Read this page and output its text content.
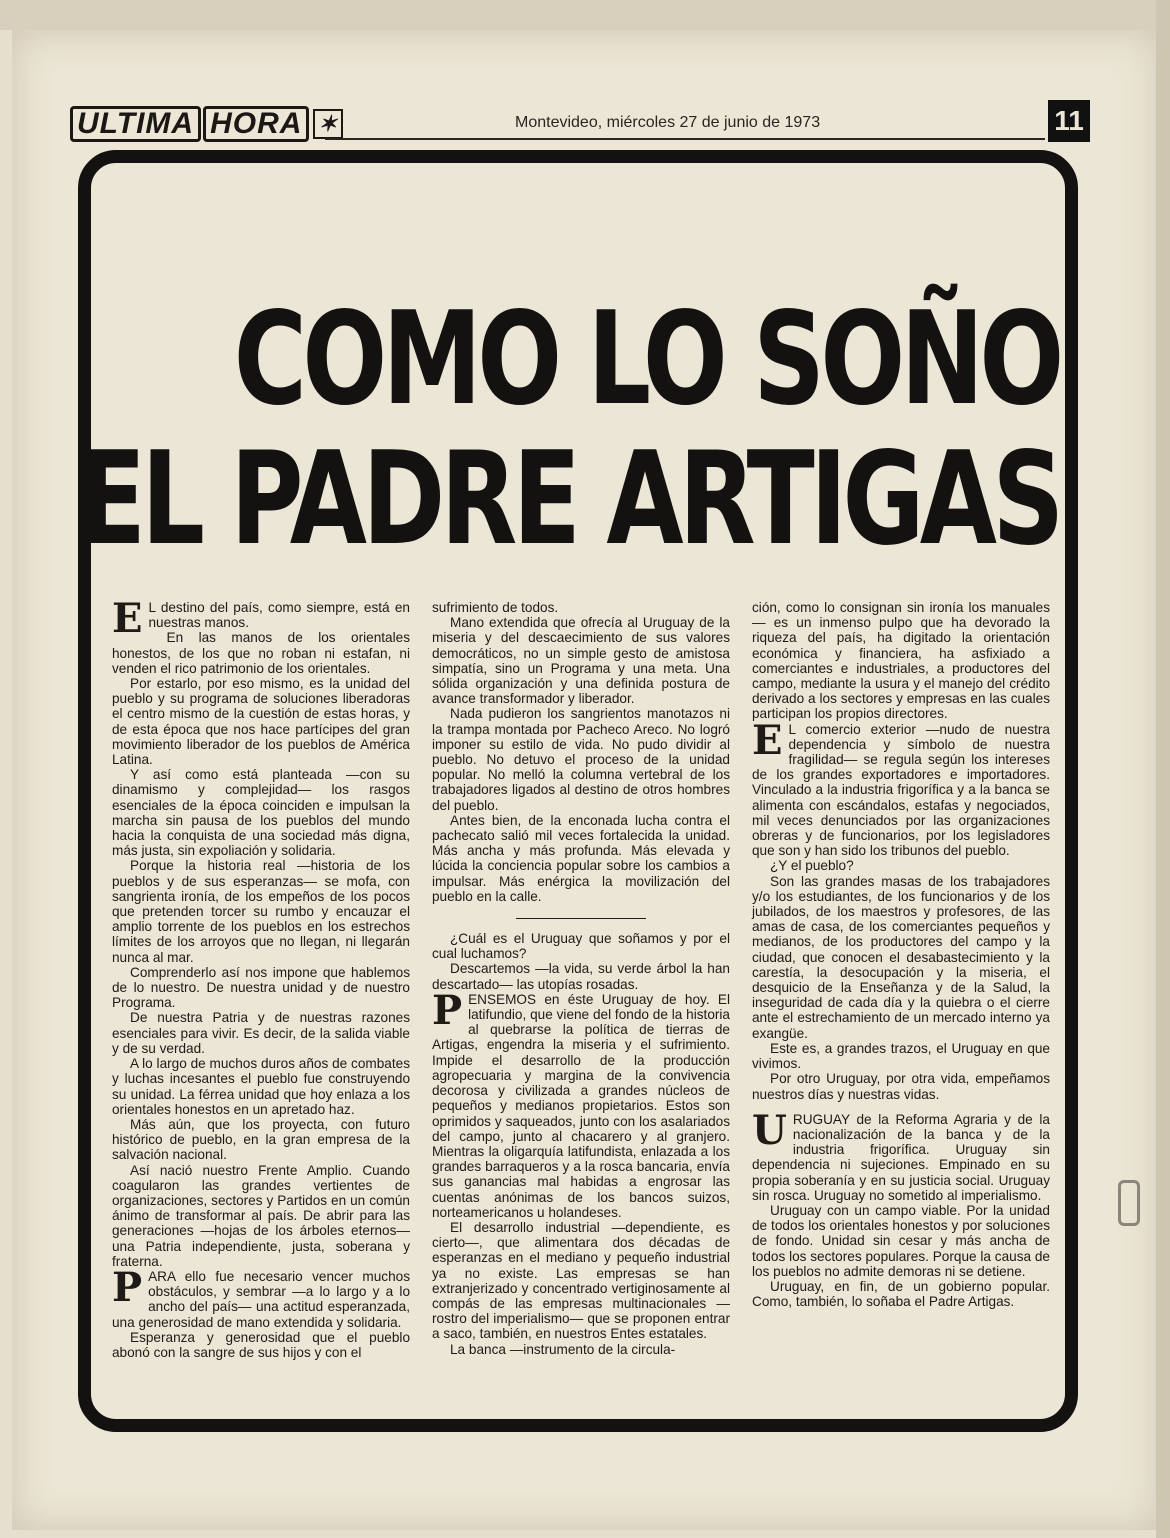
ULTIMA HORA ✶	Montevideo, miércoles 27 de junio de 1973	11
COMO LO SOÑO
EL PADRE ARTIGAS

E L destino del país, como siempre, está en nuestras manos.

En las manos de los orientales honestos, de los que no roban ni estafan, ni venden el rico patrimonio de los orientales.

Por estarlo, por eso mismo, es la unidad del pueblo y su programa de soluciones liberadoras el centro mismo de la cuestión de estas horas, y de esta época que nos hace partícipes del gran movimiento liberador de los pueblos de América Latina.

Y así como está planteada —con su dinamismo y complejidad— los rasgos esenciales de la época coinciden e impulsan la marcha sin pausa de los pueblos del mundo hacia la conquista de una sociedad más digna, más justa, sin expoliación y solidaria.

Porque la historia real —historia de los pueblos y de sus esperanzas— se mofa, con sangrienta ironía, de los empeños de los pocos que pretenden torcer su rumbo y encauzar el amplio torrente de los pueblos en los estrechos límites de los arroyos que no llegan, ni llegarán nunca al mar.

Comprenderlo así nos impone que hablemos de lo nuestro. De nuestra unidad y de nuestro Programa.

De nuestra Patria y de nuestras razones esenciales para vivir. Es decir, de la salida viable y de su verdad.

A lo largo de muchos duros años de combates y luchas incesantes el pueblo fue construyendo su unidad. La férrea unidad que hoy enlaza a los orientales honestos en un apretado haz.

Más aún, que los proyecta, con futuro histórico de pueblo, en la gran empresa de la salvación nacional.

Así nació nuestro Frente Amplio. Cuando coagularon las grandes vertientes de organizaciones, sectores y Partidos en un común ánimo de transformar al país. De abrir para las generaciones —hojas de los árboles eternos— una Patria independiente, justa, soberana y fraterna.

PARA ello fue necesario vencer muchos obstáculos, y sembrar —a lo largo y a lo ancho del país— una actitud esperanzada, una generosidad de mano extendida y solidaria.

Esperanza y generosidad que el pueblo abonó con la sangre de sus hijos y con el

sufrimiento de todos.

Mano extendida que ofrecía al Uruguay de la miseria y del descaecimiento de sus valores democráticos, no un simple gesto de amistosa simpatía, sino un Programa y una meta. Una sólida organización y una definida postura de avance transformador y liberador.

Nada pudieron los sangrientos manotazos ni la trampa montada por Pacheco Areco. No logró imponer su estilo de vida. No pudo dividir al pueblo. No detuvo el proceso de la unidad popular. No melló la columna vertebral de los trabajadores ligados al destino de otros hombres del pueblo.

Antes bien, de la enconada lucha contra el pachecato salió mil veces fortalecida la unidad. Más ancha y más profunda. Más elevada y lúcida la conciencia popular sobre los cambios a impulsar. Más enérgica la movilización del pueblo en la calle.

¿Cuál es el Uruguay que soñamos y por el cual luchamos?

Descartemos —la vida, su verde árbol la han descartado— las utopías rosadas.

PENSEMOS en éste Uruguay de hoy. El latifundio, que viene del fondo de la historia al quebrarse la política de tierras de Artigas, engendra la miseria y el sufrimiento. Impide el desarrollo de la producción agropecuaria y margina de la convivencia decorosa y civilizada a grandes núcleos de pequeños y medianos propietarios. Estos son oprimidos y saqueados, junto con los asalariados del campo, junto al chacarero y al granjero. Mientras la oligarquía latifundista, enlazada a los grandes barraqueros y a la rosca bancaria, envía sus ganancias mal habidas a engrosar las cuentas anónimas de los bancos suizos, norteamericanos u holandeses.

El desarrollo industrial —dependiente, es cierto—, que alimentara dos décadas de esperanzas en el mediano y pequeño industrial ya no existe. Las empresas se han extranjerizado y concentrado vertiginosamente al compás de las empresas multinacionales —rostro del imperialismo— que se proponen entrar a saco, también, en nuestros Entes estatales.

La banca —instrumento de la circula-

ción, como lo consignan sin ironía los manuales— es un inmenso pulpo que ha devorado la riqueza del país, ha digitado la orientación económica y financiera, ha asfixiado a comerciantes e industriales, a productores del campo, mediante la usura y el manejo del crédito derivado a los sectores y empresas en las cuales participan los propios directores.

E L comercio exterior —nudo de nuestra dependencia y símbolo de nuestra fragilidad— se regula según los intereses de los grandes exportadores e importadores. Vinculado a la industria frigorífica y a la banca se alimenta con escándalos, estafas y negociados, mil veces denunciados por las organizaciones obreras y de funcionarios, por los legisladores que son y han sido los tribunos del pueblo.

¿Y el pueblo?

Son las grandes masas de los trabajadores y/o los estudiantes, de los funcionarios y de los jubilados, de los maestros y profesores, de las amas de casa, de los comerciantes pequeños y medianos, de los productores del campo y la ciudad, que conocen el desabastecimiento y la carestía, la desocupación y la miseria, el desquicio de la Enseñanza y de la Salud, la inseguridad de cada día y la quiebra o el cierre ante el estrechamiento de un mercado interno ya exangüe.

Este es, a grandes trazos, el Uruguay en que vivimos.

Por otro Uruguay, por otra vida, empeñamos nuestros días y nuestras vidas.

URUGUAY de la Reforma Agraria y de la nacionalización de la banca y de la industria frigorífica. Uruguay sin dependencia ni sujeciones. Empinado en su propia soberanía y en su justicia social. Uruguay sin rosca. Uruguay no sometido al imperialismo.

Uruguay con un campo viable. Por la unidad de todos los orientales honestos y por soluciones de fondo. Unidad sin cesar y más ancha de todos los sectores populares. Porque la causa de los pueblos no admite demoras ni se detiene.

Uruguay, en fin, de un gobierno popular. Como, también, lo soñaba el Padre Artigas.
